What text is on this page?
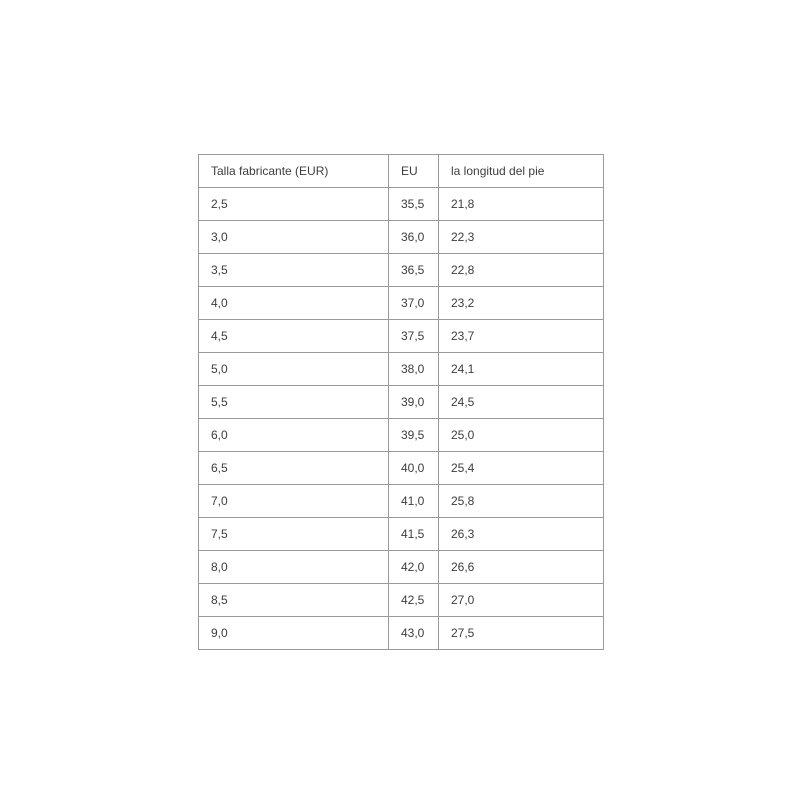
Talla fabricante (EUR)	EU	la longitud del pie
2,5	35,5	21,8
3,0	36,0	22,3
3,5	36,5	22,8
4,0	37,0	23,2
4,5	37,5	23,7
5,0	38,0	24,1
5,5	39,0	24,5
6,0	39,5	25,0
6,5	40,0	25,4
7,0	41,0	25,8
7,5	41,5	26,3
8,0	42,0	26,6
8,5	42,5	27,0
9,0	43,0	27,5
